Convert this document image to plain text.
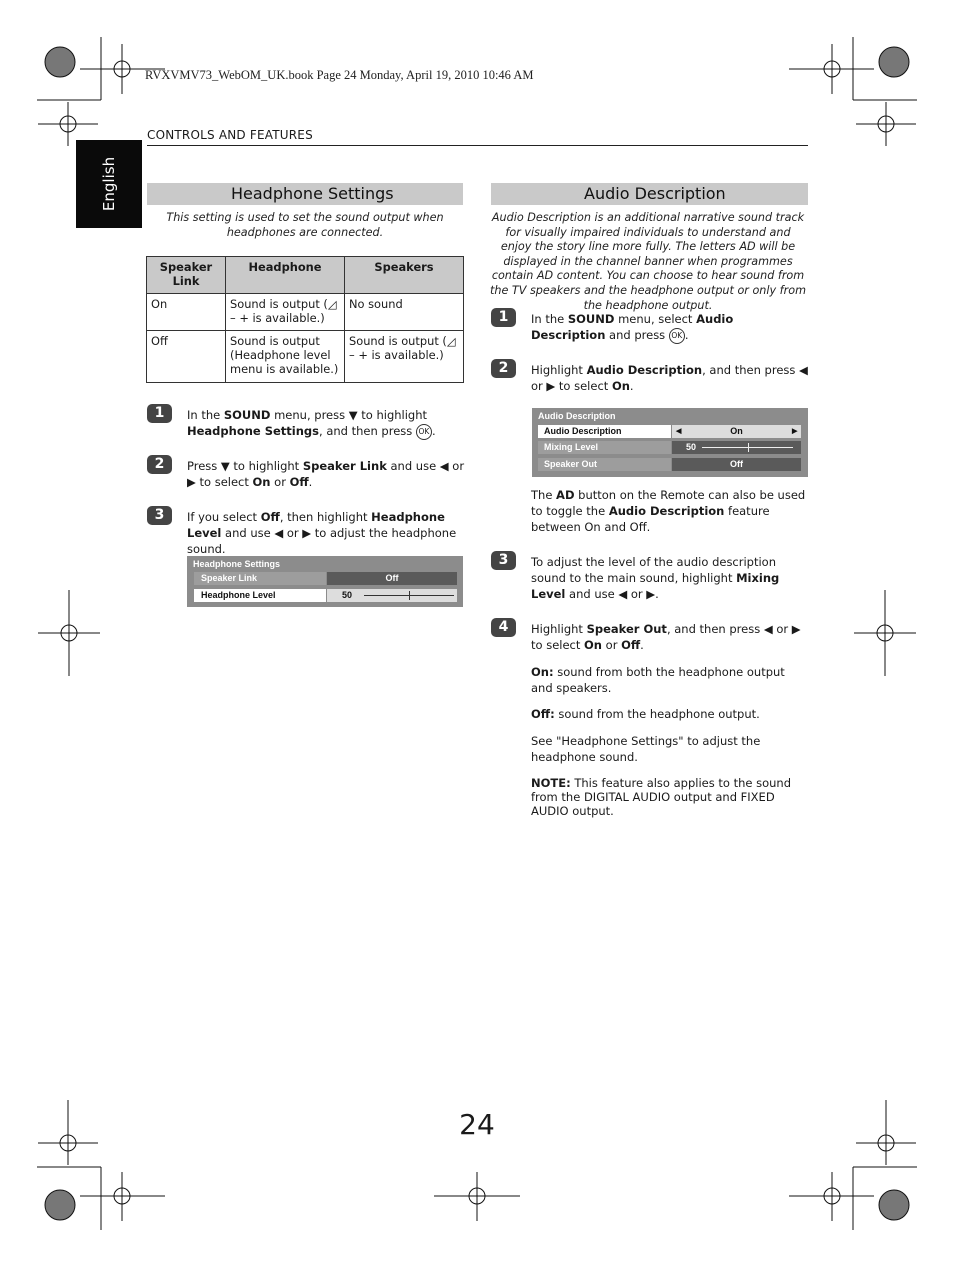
RVXVMV73_WebOM_UK.book Page 24 Monday, April 19, 2010 10:46 AM
CONTROLS AND FEATURES
English	Headphone Settings
This setting is used to set the sound output when headphones are connected.
Speaker Link	Headphone	Speakers
On	Sound is output (◿ – + is available.)	No sound
Off	Sound is output (Headphone level menu is available.)	Sound is output (◿ – + is available.)
1	In the SOUND menu, press ▼ to highlight Headphone Settings, and then press OK .
2	Press ▼ to highlight Speaker Link and use ◀ or ▶ to select On or Off.
3	If you select Off, then highlight Headphone Level and use ◀ or ▶ to adjust the headphone sound.
Headphone Settings
Speaker Link	Off
Headphone Level	50
Audio Description
Audio Description is an additional narrative sound track for visually impaired individuals to understand and enjoy the story line more fully. The letters AD will be displayed in the channel banner when programmes contain AD content. You can choose to hear sound from the TV speakers and the headphone output or only from the headphone output.
1	In the SOUND menu, select Audio Description and press OK .
2	Highlight Audio Description, and then press ◀ or ▶ to select On.
Audio Description
Audio Description	◀	On	▶
Mixing Level	50
Speaker Out	Off
The AD button on the Remote can also be used to toggle the Audio Description feature between On and Off.
3	To adjust the level of the audio description sound to the main sound, highlight Mixing Level and use ◀ or ▶.
4	Highlight Speaker Out, and then press ◀ or ▶ to select On or Off.
On: sound from both the headphone output and speakers.
Off: sound from the headphone output.
See "Headphone Settings" to adjust the headphone sound.
NOTE: This feature also applies to the sound from the DIGITAL AUDIO output and FIXED AUDIO output.
24
